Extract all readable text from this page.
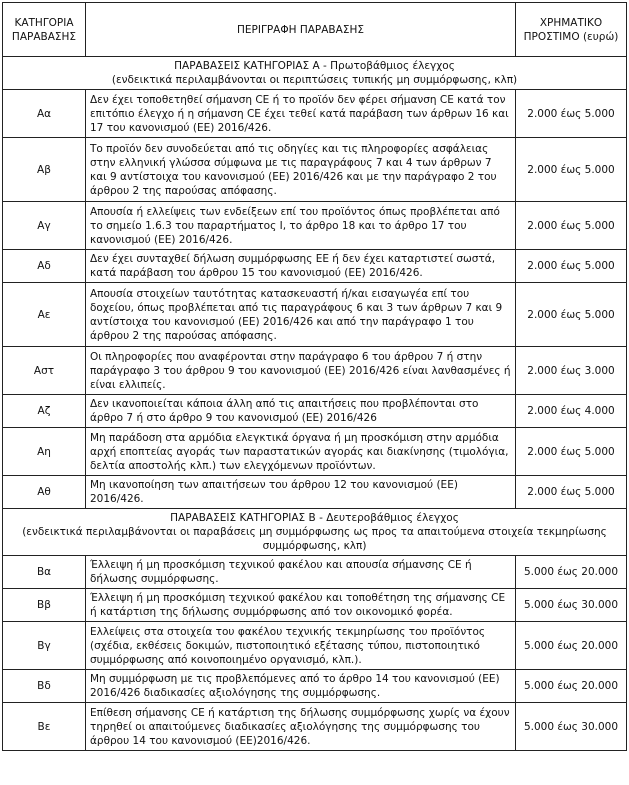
ΚΑΤΗΓΟΡΙΑ ΠΑΡΑΒΑΣΗΣ	ΠΕΡΙΓΡΑΦΗ ΠΑΡΑΒΑΣΗΣ	ΧΡΗΜΑΤΙΚΟ ΠΡΟΣΤΙΜΟ (ευρώ)

ΠΑΡΑΒΑΣΕΙΣ ΚΑΤΗΓΟΡΙΑΣ Α - Πρωτοβάθμιος έλεγχος
(ενδεικτικά περιλαμβάνονται οι περιπτώσεις τυπικής μη συμμόρφωσης, κλπ)		

Αα	Δεν έχει τοποθετηθεί σήμανση CE ή το προϊόν δεν φέρει σήμανση CE κατά τον επιτόπιο έλεγχο ή η σήμανση CE έχει τεθεί κατά παράβαση των άρθρων 16 και 17 του κανονισμού (ΕΕ) 2016/426.	2.000 έως 5.000
Αβ	Το προϊόν δεν συνοδεύεται από τις οδηγίες και τις πληροφορίες ασφάλειας στην ελληνική γλώσσα σύμφωνα με τις παραγράφους 7 και 4 των άρθρων 7 και 9 αντίστοιχα του κανονισμού (ΕΕ) 2016/426 και με την παράγραφο 2 του άρθρου 2 της παρούσας απόφασης.	2.000 έως 5.000
Αγ	Απουσία ή ελλείψεις των ενδείξεων επί του προϊόντος όπως προβλέπεται από το σημείο 1.6.3 του παραρτήματος Ι, το άρθρο 18 και το άρθρο 17 του κανονισμού (ΕΕ) 2016/426.	2.000 έως 5.000
Αδ	Δεν έχει συνταχθεί δήλωση συμμόρφωσης ΕΕ ή δεν έχει καταρτιστεί σωστά, κατά παράβαση του άρθρου 15 του κανονισμού (ΕΕ) 2016/426.	2.000 έως 5.000
Αε	Απουσία στοιχείων ταυτότητας κατασκευαστή ή/και εισαγωγέα επί του δοχείου, όπως προβλέπεται από τις παραγράφους 6 και 3 των άρθρων 7 και 9 αντίστοιχα του κανονισμού (ΕΕ) 2016/426 και από την παράγραφο 1 του άρθρου 2 της παρούσας απόφασης.	2.000 έως 5.000
Αστ	Οι πληροφορίες που αναφέρονται στην παράγραφο 6 του άρθρου 7 ή στην παράγραφο 3 του άρθρου 9 του κανονισμού (ΕΕ) 2016/426 είναι λανθασμένες ή είναι ελλιπείς.	2.000 έως 3.000
Αζ	Δεν ικανοποιείται κάποια άλλη από τις απαιτήσεις που προβλέπονται στο άρθρο 7 ή στο άρθρο 9 του κανονισμού (ΕΕ) 2016/426	2.000 έως 4.000
Αη	Μη παράδοση στα αρμόδια ελεγκτικά όργανα ή μη προσκόμιση στην αρμόδια αρχή εποπτείας αγοράς των παραστατικών αγοράς και διακίνησης (τιμολόγια, δελτία αποστολής κλπ.) των ελεγχόμενων προϊόντων.	2.000 έως 5.000
Αθ	Μη ικανοποίηση των απαιτήσεων του άρθρου 12 του κανονισμού (ΕΕ) 2016/426.	2.000 έως 5.000

ΠΑΡΑΒΑΣΕΙΣ ΚΑΤΗΓΟΡΙΑΣ Β - Δευτεροβάθμιος έλεγχος
(ενδεικτικά περιλαμβάνονται οι παραβάσεις μη συμμόρφωσης ως προς τα απαιτούμενα στοιχεία τεκμηρίωσης συμμόρφωσης, κλπ)		

Βα	Έλλειψη ή μη προσκόμιση τεχνικού φακέλου και απουσία σήμανσης CE ή δήλωσης συμμόρφωσης.	5.000 έως 20.000
Ββ	Έλλειψη ή μη προσκόμιση τεχνικού φακέλου και τοποθέτηση της σήμανσης CE ή κατάρτιση της δήλωσης συμμόρφωσης από τον οικονομικό φορέα.	5.000 έως 30.000
Βγ	Ελλείψεις στα στοιχεία του φακέλου τεχνικής τεκμηρίωσης του προϊόντος (σχέδια, εκθέσεις δοκιμών, πιστοποιητικό εξέτασης τύπου, πιστοποιητικό συμμόρφωσης από κοινοποιημένο οργανισμό, κλπ.).	5.000 έως 20.000
Βδ	Μη συμμόρφωση με τις προβλεπόμενες από το άρθρο 14 του κανονισμού (ΕΕ) 2016/426 διαδικασίες αξιολόγησης της συμμόρφωσης.	5.000 έως 20.000
Βε	Επίθεση σήμανσης CE ή κατάρτιση της δήλωσης συμμόρφωσης χωρίς να έχουν τηρηθεί οι απαιτούμενες διαδικασίες αξιολόγησης της συμμόρφωσης του άρθρου 14 του κανονισμού (ΕΕ)2016/426.	5.000 έως 30.000
